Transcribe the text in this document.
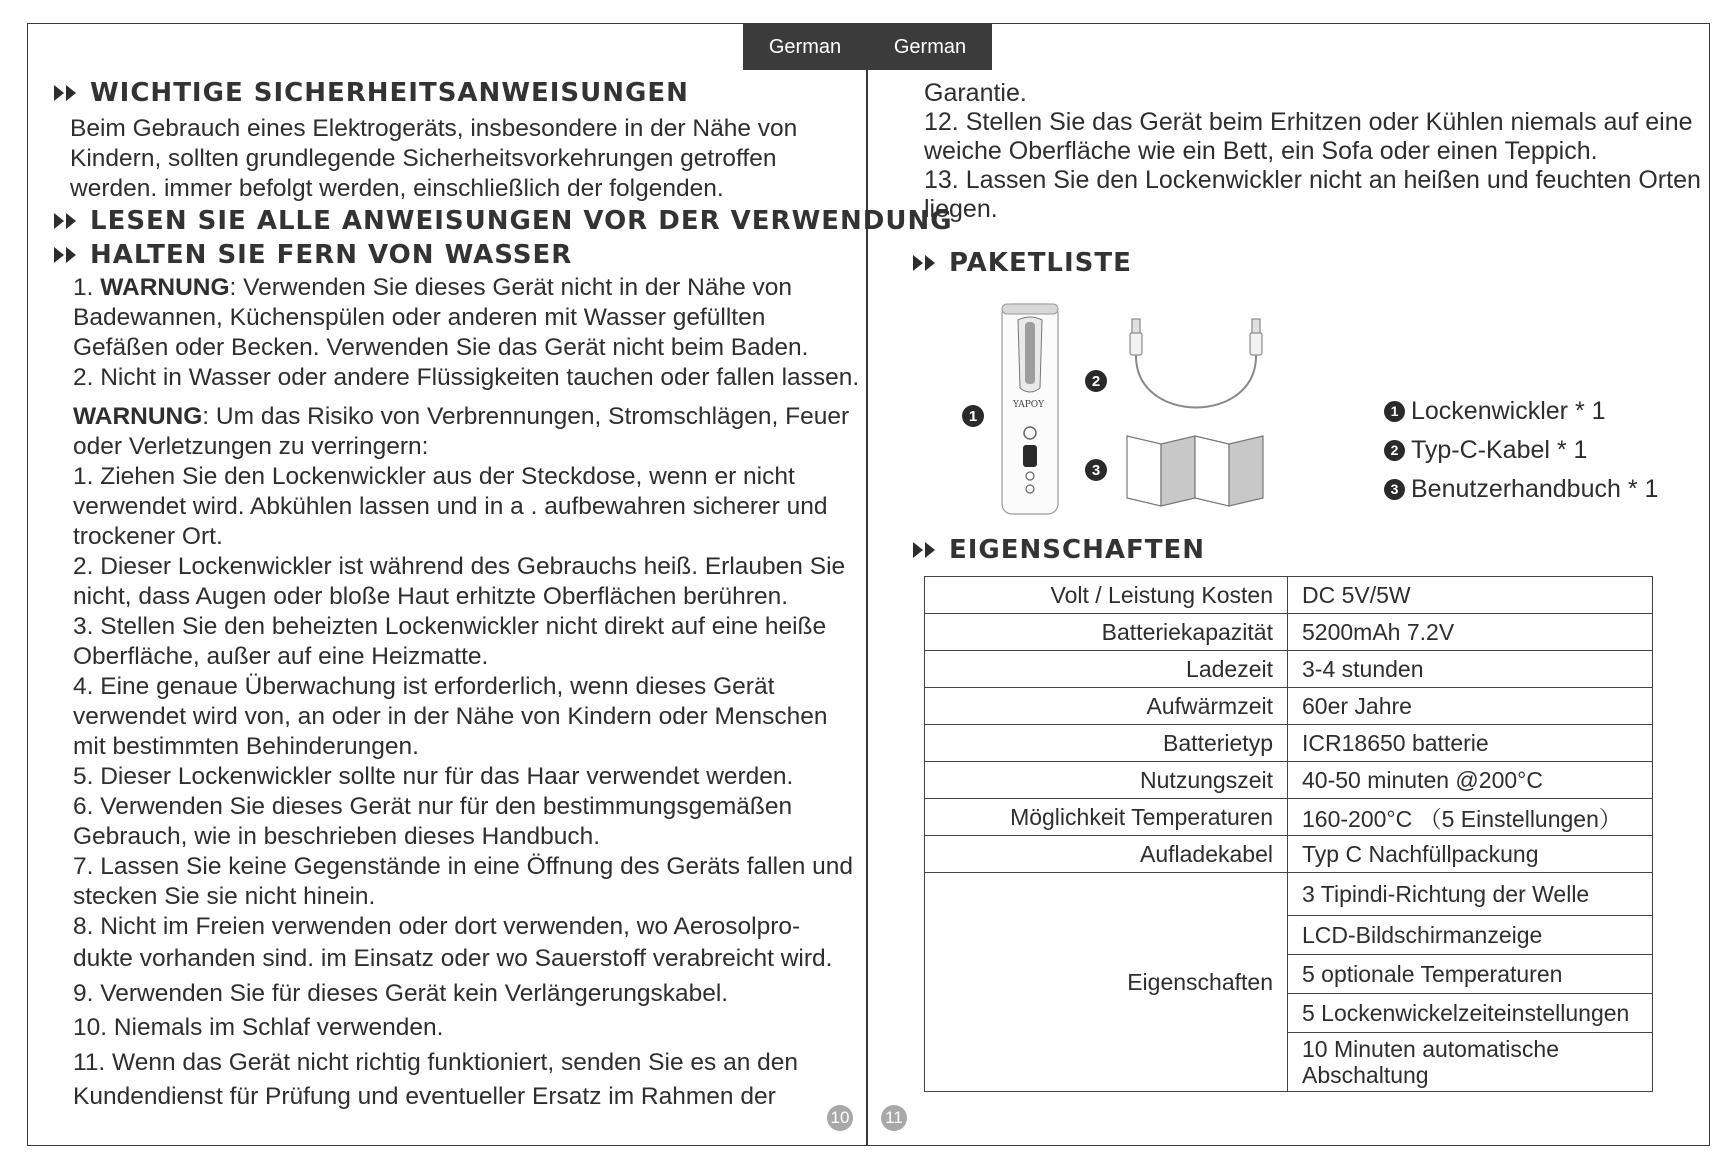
German	German
WICHTIGE SICHERHEITSANWEISUNGEN

Beim Gebrauch eines Elektrogeräts, insbesondere in der Nähe von

Kindern, sollten grundlegende Sicherheitsvorkehrungen getroffen

werden. immer befolgt werden, einschließlich der folgenden.

LESEN SIE ALLE ANWEISUNGEN VOR DER VERWENDUNG
HALTEN SIE FERN VON WASSER

1. WARNUNG: Verwenden Sie dieses Gerät nicht in der Nähe von

Badewannen, Küchenspülen oder anderen mit Wasser gefüllten

Gefäßen oder Becken. Verwenden Sie das Gerät nicht beim Baden.

2. Nicht in Wasser oder andere Flüssigkeiten tauchen oder fallen lassen.

WARNUNG: Um das Risiko von Verbrennungen, Stromschlägen, Feuer

oder Verletzungen zu verringern:

1. Ziehen Sie den Lockenwickler aus der Steckdose, wenn er nicht

verwendet wird. Abkühlen lassen und in a . aufbewahren sicherer und

trockener Ort.

2. Dieser Lockenwickler ist während des Gebrauchs heiß. Erlauben Sie

nicht, dass Augen oder bloße Haut erhitzte Oberflächen berühren.

3. Stellen Sie den beheizten Lockenwickler nicht direkt auf eine heiße

Oberfläche, außer auf eine Heizmatte.

4. Eine genaue Überwachung ist erforderlich, wenn dieses Gerät

verwendet wird von, an oder in der Nähe von Kindern oder Menschen

mit bestimmten Behinderungen.

5. Dieser Lockenwickler sollte nur für das Haar verwendet werden.

6. Verwenden Sie dieses Gerät nur für den bestimmungsgemäßen

Gebrauch, wie in beschrieben dieses Handbuch.

7. Lassen Sie keine Gegenstände in eine Öffnung des Geräts fallen und

stecken Sie sie nicht hinein.

8. Nicht im Freien verwenden oder dort verwenden, wo Aerosolpro-

dukte vorhanden sind. im Einsatz oder wo Sauerstoff verabreicht wird.

9. Verwenden Sie für dieses Gerät kein Verlängerungskabel.

10. Niemals im Schlaf verwenden.

11. Wenn das Gerät nicht richtig funktioniert, senden Sie es an den

Kundendienst für Prüfung und eventueller Ersatz im Rahmen der

10

Garantie.

12. Stellen Sie das Gerät beim Erhitzen oder Kühlen niemals auf eine

weiche Oberfläche wie ein Bett, ein Sofa oder einen Teppich.

13. Lassen Sie den Lockenwickler nicht an heißen und feuchten Orten

liegen.

PAKETLISTE
1
2
3
YAPOY	1 Lockenwickler * 1
2 Typ-C-Kabel * 1
3 Benutzerhandbuch * 1
EIGENSCHAFTEN
Volt / Leistung Kosten	DC 5V/5W
Batteriekapazität	5200mAh 7.2V
Ladezeit	3-4 stunden
Aufwärmzeit	60er Jahre
Batterietyp	ICR18650 batterie
Nutzungszeit	40-50 minuten @200°C
Möglichkeit Temperaturen	160-200°C （5 Einstellungen）
Aufladekabel	Typ C Nachfüllpackung
Eigenschaften	3 Tipindi-Richtung der Welle
	LCD-Bildschirmanzeige
	5 optionale Temperaturen
	5 Lockenwickelzeiteinstellungen
	10 Minuten automatische Abschaltung
11
